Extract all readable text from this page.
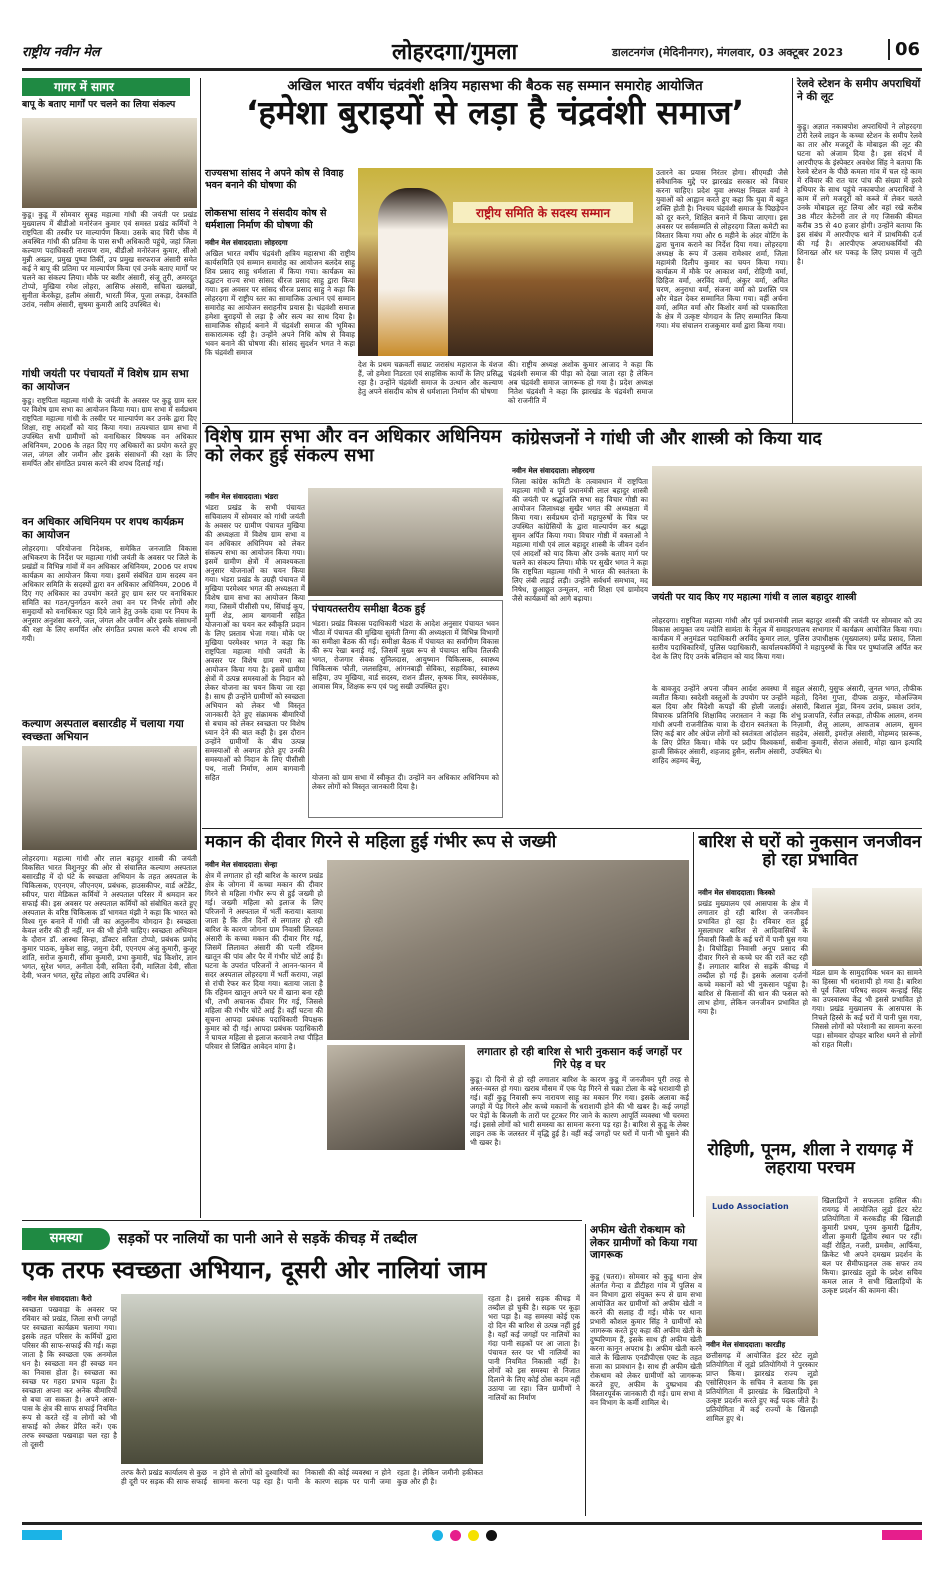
राष्ट्रीय नवीन मेल	लोहरदगा/गुमला	डालटनगंज (मेदिनीनगर), मंगलवार, 03 अक्टूबर 2023	06
गागर में सागर
बापू के बताए मार्गों पर चलने का लिया संकल्प
कुडू। कुडू में सोमवार सुबह महात्मा गांधी की जयंती पर प्रखंड मुख्यालय में बीडीओ मनोरंजन कुमार एवं समस्त प्रखंड कर्मियों ने राष्ट्रपिता की तस्वीर पर माल्यार्पण किया। उसके बाद चिरी चौक में अवस्थित गांधी की प्रतिमा के पास सभी अधिकारी पहुंचे, जहां जिला कल्याण पदाधिकारी नारायण राम, बीडीओ मनोरंजन कुमार, सीओ मुन्नी अख्तर, प्रमुख पुष्पा तिर्की, उप प्रमुख सरफराज अंसारी समेत कई ने बापू की प्रतिमा पर माल्यार्पण किया एवं उनके बताए मार्गों पर चलने का संकल्प लिया। मौके पर बशीर अंसारी, संजू तुरी, अमरदूत टोप्पो, मुखिया रमेश लोहरा, आसिफ अंसारी, सचिता खलखो, सुनीता केरकेट्टा, हलीम अंसारी, भारती मिंज, पूजा लकड़ा, देवकांति उरांव, नसीम अंसारी, सुषमा कुमारी आदि उपस्थित थे।
गांधी जयंती पर पंचायतों में विशेष ग्राम सभा का आयोजन
कुडू। राष्ट्रपिता महात्मा गांधी के जयंती के अवसर पर कुडू ग्राम स्तर पर विशेष ग्राम सभा का आयोजन किया गया। ग्राम सभा में सर्वप्रथम राष्ट्रपिता महात्मा गांधी के तस्वीर पर माल्यार्पण कर उनके द्वारा दिए शिक्षा, राष्ट्र आदर्शों को याद किया गया। तत्पश्चात ग्राम सभा में उपस्थित सभी ग्रामीणों को वनाधिकार विषयक वन अधिकार अधिनियम, 2006 के तहत दिए गए अधिकारों का प्रयोग करते हुए जल, जंगल और जमीन और इसके संसाधनों की रक्षा के लिए समर्पित और संगठित प्रयास करने की शपथ दिलाई गई।
वन अधिकार अधिनियम पर शपथ कार्यक्रम का आयोजन
लोहरदगा। परियोजना निदेशक, समेकित जनजाति विकास अभिकरण के निर्देश पर महात्मा गांधी जयंती के अवसर पर जिले के प्रखंडों व विभिन्न गांवों में वन अधिकार अधिनियम, 2006 पर शपथ कार्यक्रम का आयोजन किया गया। इसमें संबंधित ग्राम सदस्य वन अधिकार समिति के सदस्यों द्वारा वन अधिकार अधिनियम, 2006 में दिए गए अधिकार का उपयोग करते हुए ग्राम स्तर पर वनाधिकार समिति का गठन/पुनर्गठन करने तथा वन पर निर्भर लोगों और समुदायों को वनाधिकार पट्टा दिये जाने हेतु उनके दावा पर नियम के अनुसार अनुशंसा करने, जल, जंगल और जमीन और इसके संसाधनों की रक्षा के लिए समर्पित और संगठित प्रयास करने की शपथ ली गयी।
कल्याण अस्पताल बसारडीह में चलाया गया स्वच्छता अभियान
लोहरदगा। महात्मा गांधी और लाल बहादुर शास्त्री की जयंती विकसित भारत विशुनपुर की ओर से संचालित कल्याण अस्पताल बसारडीह में दो घंटे के स्वच्छता अभियान के तहत अस्पताल के चिकित्सक, एएनएम, जीएनएम, प्रबंधक, हाउसकीपर, वार्ड अटेंडेंट, स्वीपर, पारा मेडिकल कर्मियों ने अस्पताल परिसर में श्रमदान कर सफाई की। इस अवसर पर अस्पताल कर्मियों को संबोधित करते हुए अस्पताल के वरिष्ठ चिकित्सक डॉ भागवत मंझी ने कहा कि भारत को विश्व गुरु बनाने में गांधी जी का अतुलनीय योगदान है। स्वच्छता केवल शरीर की ही नहीं, मन की भी होनी चाहिए। स्वच्छता अभियान के दौरान डॉ. आस्था सिन्हा, डॉक्टर सरिता टोप्पो, प्रबंधक प्रमोद कुमार पाठक, मुकेश साहू, जमुना देवी, एएनएम अंजु कुमारी, कुजूर शांति, सरोज कुमारी, सीमा कुमारी, प्रभा कुमारी, चंद्र किशोर, ज्ञान भगत, सुरेश भगत, अनीता देवी, सविता देवी, मालिता देवी, सीता देवी, भजन भगत, सुरेंद्र लोहरा आदि उपस्थित थे।
अखिल भारत वर्षीय चंद्रवंशी क्षत्रिय महासभा की बैठक सह सम्मान समारोह आयोजित
‘हमेशा बुराइयों से लड़ा है चंद्रवंशी समाज’
राज्यसभा सांसद ने अपने कोष से विवाह भवन बनाने की घोषणा की
लोकसभा सांसद ने संसदीय कोष से धर्मशाला निर्माण की घोषणा की
नवीन मेल संवाददाता। लोहरदगा
अखिल भारत वर्षीय चंद्रवंशी क्षत्रिय महासभा की राष्ट्रीय कार्यसमिति एवं सम्मान समारोह का आयोजन बलदेव साहु शिव प्रसाद साहु धर्मशाला में किया गया। कार्यक्रम का उद्घाटन राज्य सभा सांसद धीरज प्रसाद साहु द्वारा किया गया। इस अवसर पर सांसद धीरज प्रसाद साहु ने कहा कि लोहरदगा में राष्ट्रीय स्तर का सामाजिक उत्थान एवं सम्मान समारोह का आयोजन सराहनीय प्रयास है। चंद्रवंशी समाज हमेशा बुराइयों से लड़ा है और सत्य का साथ दिया है। सामाजिक सौहार्द बनाने में चंद्रवंशी समाज की भूमिका सकारात्मक रही है। उन्होंने अपने निधि कोष से विवाह भवन बनाने की घोषणा की। सांसद सुदर्शन भगत ने कहा कि चंद्रवंशी समाज
राष्ट्रीय समिति के सदस्य सम्मान
देश के प्रथम चक्रवर्ती सम्राट जरासंध महाराज के वंशज हैं, जो हमेशा निडरता एवं साहसिक कार्यों के लिए प्रसिद्ध रहा है। उन्होंने चंद्रवंशी समाज के उत्थान और कल्याण हेतु अपने संसदीय कोष से धर्मशाला निर्माण की घोषणा
की। राष्ट्रीय अध्यक्ष अशोक कुमार आजाद ने कहा कि चंद्रवंशी समाज की पीड़ा को देखा जाता रहा है लेकिन अब चंद्रवंशी समाज जागरूक हो गया है। प्रदेश अध्यक्ष नितेश चंद्रवंशी ने कहा कि झारखंड के चंद्रवंशी समाज को राजनीति में
उतारने का प्रयास निरंतर होगा। सीएमडी जैसे संवैधानिक मुद्दे पर झारखंड सरकार को विचार करना चाहिए। प्रदेश युवा अध्यक्ष निखल वर्मा ने युवाओं को आह्वान करते हुए कहा कि युवा में बहुत शक्ति होती है। निश्चय चंद्रवंशी समाज के पिछड़ेपन को दूर करने, शिक्षित बनाने में किया जाएगा। इस अवसर पर सर्वसम्मति से लोहरदगा जिला कमेटी का विस्तार किया गया और 6 महीने के अंदर वोटिंग के द्वारा चुनाव कराने का निर्देश दिया गया। लोहरदगा अध्यक्ष के रूप में उत्सव रामेश्वर शर्मा, जिला महामंत्री दिलीप कुमार का चयन किया गया। कार्यक्रम में मौके पर आकाश वर्मा, रोहिणी वर्मा, छिहिज वर्मा, अरविंद वर्मा, अंकुर वर्मा, अमित चरण, अनुराधा वर्मा, संजना वर्मा को प्रशस्ति पत्र और मेडल देकर सम्मानित किया गया। वहीं अर्चना वर्मा, अमित वर्मा और किशोर वर्मा को पत्रकारिता के क्षेत्र में उत्कृष्ट योगदान के लिए सम्मानित किया गया। मंच संचालन राजकुमार वर्मा द्वारा किया गया।
रेलवे स्टेशन के समीप अपराधियों ने की लूट
कुडू। अज्ञात नकाबपोश अपराधियों ने लोहरदगा टोरी रेलवे लाइन के कच्चा स्टेशन के समीप रेलवे का तार और मजदूरों के मोबाइल की लूट की घटना को अंजाम दिया है। इस संदर्भ में आरपीएफ के इंस्पेक्टर अवधेश सिंह ने बताया कि रेलवे स्टेशन के पीछे कमला गांव में चल रहे काम में रविवार की रात चार पांच की संख्या में हरवे हथियार के साथ पहुंचे नकाबपोश अपराधियों ने काम में लगे मजदूरों को कब्जे में लेकर चलते उनके मोबाइल लूट लिया और वहां रखे करीब 38 मीटर केटेनरी तार ले गए जिसकी कीमत करीब 35 से 40 हजार होगी। उन्होंने बताया कि इस संबंध में आरपीएफ थाने में प्राथमिकी दर्ज की गई है। आरपीएफ अपराधकर्मियों की शिनाख्त और धर पकड़ के लिए प्रयास में जुटी है।
विशेष ग्राम सभा और वन अधिकार अधिनियम को लेकर हुई संकल्प सभा
नवीन मेल संवाददाता। भंडरा
भंडरा प्रखंड के सभी पंचायत सचिवालय में सोमवार को गांधी जयंती के अवसर पर ग्रामीण पंचायत मुखिया की अध्यक्षता में विशेष ग्राम सभा व वन अधिकार अधिनियम को लेकर संकल्प सभा का आयोजन किया गया। इसमें ग्रामीण क्षेत्रों में आवश्यकता अनुसार योजनाओं का चयन किया गया। भंडरा प्रखंड के उग्रही पंचायत में मुखिया परमेश्वर भगत की अध्यक्षता में विशेष ग्राम सभा का आयोजन किया गया, जिसमें पीसीसी पथ, सिंचाई कूप, मुर्गी शेड, आम बागवानी सहित योजनाओं का चयन कर स्वीकृति प्रदान के लिए प्रस्ताव भेजा गया। मौके पर मुखिया परमेश्वर भगत ने कहा कि राष्ट्रपिता महात्मा गांधी जयंती के अवसर पर विशेष ग्राम सभा का आयोजन किया गया है। इसमें ग्रामीण क्षेत्रों में उत्पन्न समस्याओं के निदान को लेकर योजना का चयन किया जा रहा है। साथ ही उन्होंने ग्रामीणों को स्वच्छता अभियान को लेकर भी विस्तृत जानकारी देते हुए संक्रामक बीमारियों से बचाव को लेकर स्वच्छता पर विशेष ध्यान देने की बात कही है। इस दौरान उन्होंने ग्रामीणों के बीच उत्पन्न समस्याओं से अवगत होते हुए उनकी समस्याओं को निदान के लिए पीसीसी पथ, नाली निर्माण, आम बागवानी सहित
पंचायतस्तरीय समीक्षा बैठक हुई
भंडरा। प्रखंड विकास पदाधिकारी भंडरा के आदेश अनुसार पंचायत भवन भीठा में पंचायत की मुखिया सुमंती तिग्गा की अध्यक्षता में विभिन्न विभागों का समीक्षा बैठक की गई। समीक्षा बैठक में पंचायत का सर्वांगीण विकास की रूप रेखा बनाई गई, जिसमें मुख्य रूप से पंचायत सचिव तिलकी भगत, रोजगार सेवक सुनिलदास, आयुष्मान चिकित्सक, स्वास्थ्य चिकित्सक फौती, जलसहिया, आंगनबाड़ी सेविका, सहायिका, स्वास्थ्य सहिया, उप मुखिया, वार्ड सदस्य, राशन डीलर, कृषक मित्र, स्वयंसेवक, आवास मित्र, शिक्षक रूप एवं पशु सखी उपस्थित हुए।
योजना को ग्राम सभा में स्वीकृत दी। उन्होंने वन अधिकार अधिनियम को लेकर लोगों को विस्तृत जानकारी दिया है।
कांग्रेसजनों ने गांधी जी और शास्त्री को किया याद
नवीन मेल संवाददाता। लोहरदगा
जिला कांग्रेस कमिटी के तत्वावधान में राष्ट्रपिता महात्मा गांधी व पूर्व प्रधानमंत्री लाल बहादुर शास्त्री की जयंती पर श्रद्धांजलि सभा सह विचार गोष्ठी का आयोजन जिलाध्यक्ष सुखैर भगत की अध्यक्षता में किया गया। सर्वप्रथम दोनों महापुरुषों के चित्र पर उपस्थित कांग्रेसियों के द्वारा माल्यार्पण कर श्रद्धा सुमन अर्पित किया गया। विचार गोष्ठी में वक्ताओं ने महात्मा गांधी एवं लाल बहादुर शास्त्री के जीवन दर्शन एवं आदर्शों को याद किया और उनके बताए मार्ग पर चलने का संकल्प लिया। मौके पर सुखैर भगत ने कहा कि राष्ट्रपिता महात्मा गांधी ने भारत की स्वतंत्रता के लिए लंबी लड़ाई लड़ी। उन्होंने सर्वधर्म समभाव, मद निषेध, छुआछूत उन्मूलन, नारी शिक्षा एवं ग्रामोदय जैसे कार्यक्रमों को आगे बढ़ाया।	जयंती पर याद किए गए महात्मा गांधी व लाल बहादुर शास्त्री
लोहरदगा। राष्ट्रपिता महात्मा गांधी और पूर्व प्रधानमंत्री लाल बहादुर शास्त्री की जयंती पर सोमवार को उप विकास आयुक्त जय ज्योति सामंता के नेतृत्व में समाहरणालय सभागार में कार्यक्रम आयोजित किया गया। कार्यक्रम में अनुमंडल पदाधिकारी अरविंद कुमार लाल, पुलिस उपाधीक्षक (मुख्यालय) प्रमेंद्र प्रसाद, जिला स्तरीय पदाधिकारियों, पुलिस पदाधिकारी, कार्यालयकर्मियों ने महापुरुषों के चित्र पर पुष्पांजलि अर्पित कर देश के लिए दिए उनके बलिदान को याद किया गया।
के बावजूद उन्होंने अपना जीवन आर्दश अवस्था में व्यतीत किया। स्वदेशी वस्तुओं के उपयोग पर उन्होंने बल दिया और विदेशी कपड़ों की होली जलाई। विचारक प्रतिनिधि शिक्षाविद जरास्तान ने कहा कि गांधी अपनी राजनीतिक यात्रा के दौरान स्वतंत्रता के लिए कई बार और अंग्रेज लोगों को स्वतंत्रता आंदोलन के लिए प्रेरित किया। मौके पर प्रदीप विश्वकर्मा, हाजी सिकंदर अंसारी, शहजाद हुसैन, सलीम अंसारी, शाहिद अहमद बेलू,
सहूल अंसारी, युसुफ अंसारी, जुनल भगत, तौफीक महतो, दिनेश गुप्ता, दीपक ठाकुर, मोअज्जिम अंसारी, बिशाल मुंडा, विनय उरांव, प्रकाश उरांव, शंभु प्रजापति, रंजीत लकड़ा, तौफीक आलम, शनम निज़ामी, शैलू आलम, आफताब आलम, सुमन सहदेव, अंसारी, इमरोज़ अंसारी, मोहम्मद फ़ारूक, सबीना कुमारी, सेराज अंसारी, मोहा खान इत्यादि उपस्थित थे।
मकान की दीवार गिरने से महिला हुई गंभीर रूप से जख्मी
नवीन मेल संवाददाता। सेन्हा
क्षेत्र में लगातार हो रही बारिश के कारण प्रखंड क्षेत्र के जोगना में कच्चा मकान की दीवार गिरने से महिला गंभीर रूप से हुई जख्मी हो गई। जख्मी महिला को इलाज के लिए परिजनों ने अस्पताल में भर्ती कराया। बताया जाता है कि तीन दिनों से लगातार हो रही बारिश के कारण जोगना ग्राम निवासी लिलवत अंसारी के कच्चा मकान की दीवार गिर गई, जिसमें लिलावत अंसारी की पत्नी रहिमन खातून की पांव और पैर में गंभीर चोटें आई हैं। घटना के उपरांत परिजनों ने आनन-फानन में सदर अस्पताल लोहरदगा में भर्ती कराया, जहां से रांची रेफर कर दिया गया। बताया जाता है कि रहिमन खातून अपने घर में खाना बना रही थी, तभी अचानक दीवार गिर गई, जिससे महिला की गंभीर चोटें आई हैं। वहीं घटना की सूचना आपदा प्रबंधक पदाधिकारी विपक्षक कुमार को दी गई। आपदा प्रबंधक पदाधिकारी ने घायल महिला से इलाज करवाने तथा पीड़ित परिवार से लिखित आवेदन मांगा है।	लगातार हो रही बारिश से भारी नुकसान कई जगहों पर गिरे पेड़ व घर
कुडू। दो दिनों से हो रही लगातार बारिश के कारण कुडू में जनजीवन पूरी तरह से अस्त-व्यस्त हो गया। खराब मौसम में एक पेड़ गिरने से चक्रा टोला के बढ़े धराशायी हो गई। वहीं कुडू निवासी रूप नारायण साहू का मकान गिर गया। इसके अलावा कई जगहों में पेड़ गिरने और कच्चे मकानों के धराशायी होने की भी खबर है। कई जगहों पर पेड़ों के बिजली के तारों पर टूटकर गिर जाने के कारण आपूर्ति व्यवस्था भी चरमरा गई। इससे लोगों को भारी समस्या का सामना करना पड़ रहा है। बारिश से कुडू के लेबर लाइन तक के जलस्तर में वृद्धि हुई है। वहीं कई जगहों पर घरों में पानी भी घुसने की भी खबर है।
बारिश से घरों को नुकसान जनजीवन हो रहा प्रभावित
नवीन मेल संवाददाता। किस्को
प्रखंड मुख्यालय एवं आसपास के क्षेत्र में लगातार हो रही बारिश से जनजीवन प्रभावित हो रहा है। रविवार रात हुई मूसलाधार बारिश से आदिवासियों के निवासी किसी के कई घरों में पानी घुस गया है। विघोडिहा निवासी अनूप प्रसाद की दीवार गिरने से कच्चे घर की रातें कट रही हैं। लगातार बारिश से सड़कें कीचड़ में तब्दील हो गई हैं। इसके अलावा दर्जनों कच्चे मकानों को भी नुकसान पहुंचा है। बारिश से किसानों की धान की फसल को लाभ होगा, लेकिन जनजीवन प्रभावित हो गया है।
मंडल ग्राम के सामुदायिक भवन का सामने का हिस्सा भी धराशायी हो गया है। बारिश से पूर्व जिला परिषद सदस्य कन्हाई सिंह का उपस्वास्थ्य केंद्र भी इससे प्रभावित हो गया। प्रखंड मुख्यालय के आसपास के निचले हिस्से के कई घरों में पानी घुस गया, जिससे लोगों को परेशानी का सामना करना पड़ा। सोमवार दोपहर बारिश थमने से लोगों को राहत मिली।
रोहिणी, पूनम, शीला ने रायगढ़ में लहराया परचम
समस्या	सड़कों पर नालियों का पानी आने से सड़कें कीचड़ में तब्दील
एक तरफ स्वच्छता अभियान, दूसरी ओर नालियां जाम
नवीन मेल संवाददाता। कैरो
स्वच्छता पखवाड़ा के अवसर पर रविवार को प्रखंड, जिला सभी जगहों पर स्वच्छता कार्यक्रम चलाया गया। इसके तहत परिसर के कर्मियों द्वारा परिसर की साफ-सफाई की गई। कहा जाता है कि स्वच्छता एक अनमोल धन है। स्वच्छता मन ही स्वच्छ मन का निवास होता है। स्वच्छता का स्वच्छ पर गहरा प्रभाव पड़ता है। स्वच्छता अपना कर अनेक बीमारियों से बचा जा सकता है। अपने आस-पास के क्षेत्र की साफ सफाई नियमित रूप से करते रहें व लोगों को भी सफाई को लेकर प्रेरित करें। एक तरफ स्वच्छता पखवाड़ा चल रहा है तो दूसरी
रहता है। इससे सड़क कीचड़ में तब्दील हो चुकी है। सड़क पर कूड़ा भरा पड़ा है। वह समस्या कोई एक दो दिन की बारिश से उत्पन्न नहीं हुई है। यहाँ कई जगहों पर नालियों का गंदा पानी सड़कों पर आ जाता है। पंचायत स्तर पर भी नालियों का पानी नियमित निकासी नहीं है। लोगों को इस समस्या से निजात दिलाने के लिए कोई ठोस कदम नहीं उठाया जा रहा। जिन ग्रामीणों ने नालियों का निर्माण
तरफ कैरो प्रखंड कार्यालय से कुछ ही दूरी पर सड़क की साफ सफाई न होने से लोगों को दुश्वारियों का सामना करना पड़ रहा है। पानी निकासी की कोई व्यवस्था न होने के कारण सड़क पर पानी जमा रहता है। लेकिन जमीनी हकीकत कुछ और ही है।
अफीम खेती रोकथाम को लेकर ग्रामीणों को किया गया जागरूक
कुडू (चतरा)। सोमवार को कुडू थाना क्षेत्र अंतर्गत गेन्दा व डीटीहरा गांव में पुलिस व वन विभाग द्वारा संयुक्त रूप से ग्राम सभा आयोजित कर ग्रामीणों को अफीम खेती न करने की सलाह दी गई। मौके पर थाना प्रभारी कौशल कुमार सिंह ने ग्रामीणों को जागरूक करते हुए कहा की अफीम खेती के दुष्परिणाम हैं, इसके साथ ही अफीम खेती करना कानून अपराध है। अफीम खेती करने वाले के खिलाफ एनडीपीएस एक्ट के तहत सजा का प्रावधान है। साथ ही अफीम खेती रोकथाम को लेकर ग्रामीणों को जागरूक करते हुए, अफीम के दुष्प्रभाव की विस्तारपूर्वक जानकारी दी गई। ग्राम सभा में वन विभाग के कर्मी शामिल थे।
Ludo Association
खिलाड़ियों ने सफलता हासिल की। रायगढ़ में आयोजित लूडो इंटर स्टेट प्रतियोगिता में करकडीह की खिलाड़ी कुमारी प्रथम, पूनम कुमारी द्वितीय, शीला कुमारी द्वितीय स्थान पर रहीं। वहीं रोहित, नजरी, प्रमसैम, आर्फिया, क्रिकेट भी अपने दमखम प्रदर्शन के बल पर सैमीफाइनल तक सफर तय किया। झारखंड लूडो के प्रदेश सचिव कमल लाल ने सभी खिलाड़ियों के उत्कृष्ट प्रदर्शन की कामना की।
नवीन मेल संवाददाता। कारडीह
छत्तीसगढ़ में आयोजित इंटर स्टेट लूडो प्रतियोगिता में लूडो प्रतियोगियों ने पुरस्कार प्राप्त किया। झारखंड राज्य लूडो एसोसिएशन के सचिव ने बताया कि इस प्रतियोगिता में झारखंड के खिलाड़ियों ने उत्कृष्ट प्रदर्शन करते हुए कई पदक जीते हैं। प्रतियोगिता में कई राज्यों के खिलाड़ी शामिल हुए थे।
